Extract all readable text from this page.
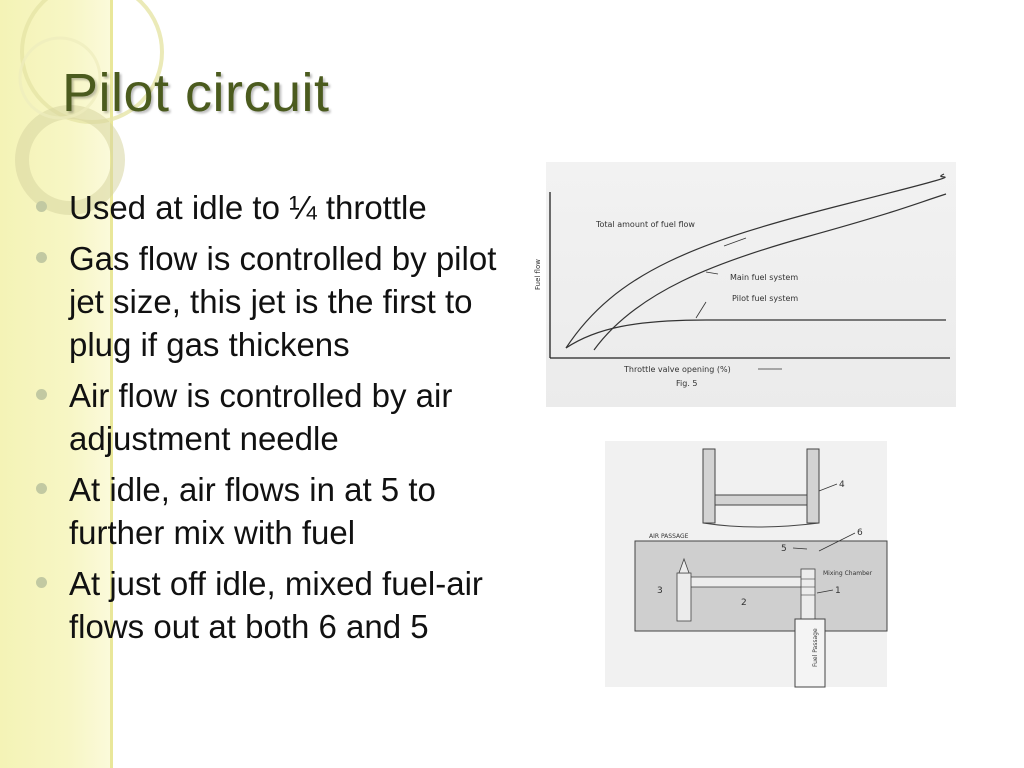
Pilot circuit
Used at idle to ¼ throttle
Gas flow is controlled by pilot jet size, this jet is the first to plug if gas thickens
Air flow is controlled by air adjustment needle
At idle, air flows in at 5 to further mix with fuel
At just off idle, mixed fuel-air flows out at both 6 and 5
Total amount of fuel flow
Main fuel system
Pilot fuel system
Fuel flow
Throttle valve opening (%)
Fig. 5
AIR PASSAGE
Mixing Chamber
Fuel Passage
4
5
6
3
2
1
